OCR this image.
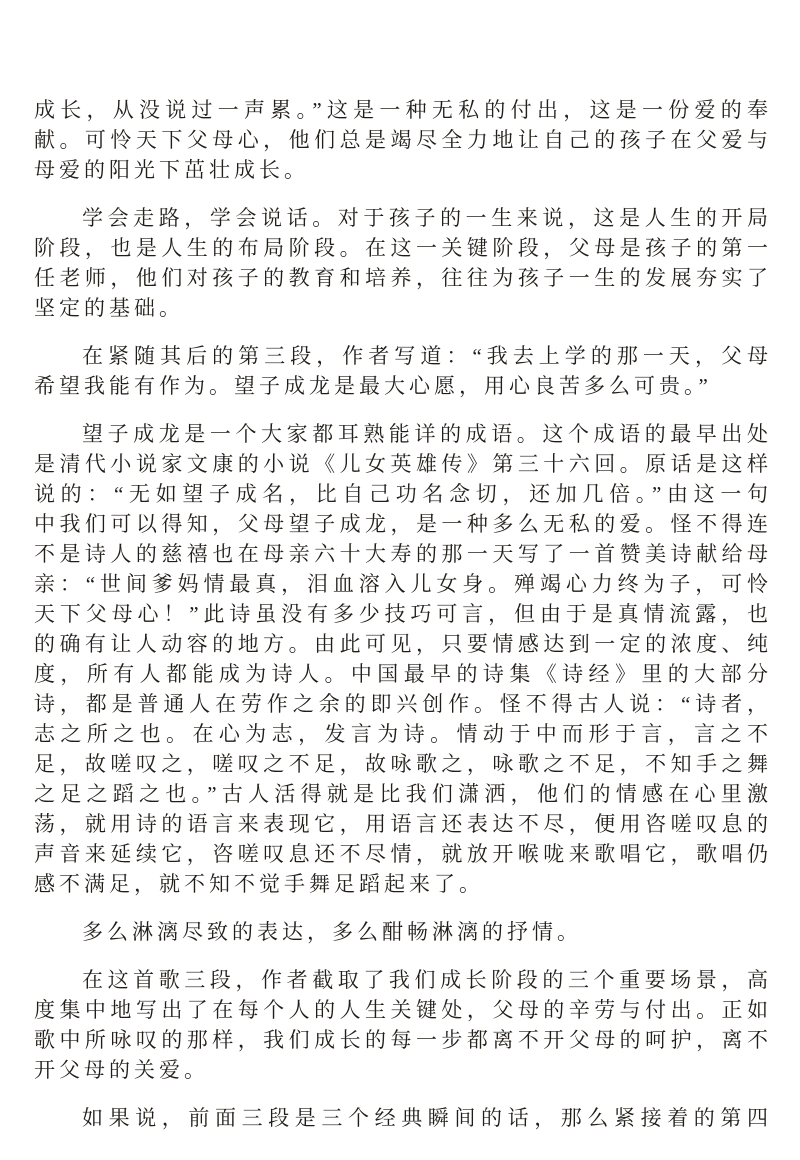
成长，从没说过一声累。”这是一种无私的付出，这是一份爱的奉
献。可怜天下父母心，他们总是竭尽全力地让自己的孩子在父爱与
母爱的阳光下茁壮成长。
学会走路，学会说话。对于孩子的一生来说，这是人生的开局
阶段，也是人生的布局阶段。在这一关键阶段，父母是孩子的第一
任老师，他们对孩子的教育和培养，往往为孩子一生的发展夯实了
坚定的基础。
在紧随其后的第三段，作者写道：“我去上学的那一天，父母
希望我能有作为。望子成龙是最大心愿，用心良苦多么可贵。”
望子成龙是一个大家都耳熟能详的成语。这个成语的最早出处
是清代小说家文康的小说《儿女英雄传》第三十六回。原话是这样
说的：“无如望子成名，比自己功名念切，还加几倍。”由这一句
中我们可以得知，父母望子成龙，是一种多么无私的爱。怪不得连
不是诗人的慈禧也在母亲六十大寿的那一天写了一首赞美诗献给母
亲：“世间爹妈情最真，泪血溶入儿女身。殚竭心力终为子，可怜
天下父母心！”此诗虽没有多少技巧可言，但由于是真情流露，也
的确有让人动容的地方。由此可见，只要情感达到一定的浓度、纯
度，所有人都能成为诗人。中国最早的诗集《诗经》里的大部分
诗，都是普通人在劳作之余的即兴创作。怪不得古人说：“诗者，
志之所之也。在心为志，发言为诗。情动于中而形于言，言之不
足，故嗟叹之，嗟叹之不足，故咏歌之，咏歌之不足，不知手之舞
之足之蹈之也。”古人活得就是比我们潇洒，他们的情感在心里激
荡，就用诗的语言来表现它，用语言还表达不尽，便用咨嗟叹息的
声音来延续它，咨嗟叹息还不尽情，就放开喉咙来歌唱它，歌唱仍
感不满足，就不知不觉手舞足蹈起来了。
多么淋漓尽致的表达，多么酣畅淋漓的抒情。
在这首歌三段，作者截取了我们成长阶段的三个重要场景，高
度集中地写出了在每个人的人生关键处，父母的辛劳与付出。正如
歌中所咏叹的那样，我们成长的每一步都离不开父母的呵护，离不
开父母的关爱。
如果说，前面三段是三个经典瞬间的话，那么紧接着的第四
